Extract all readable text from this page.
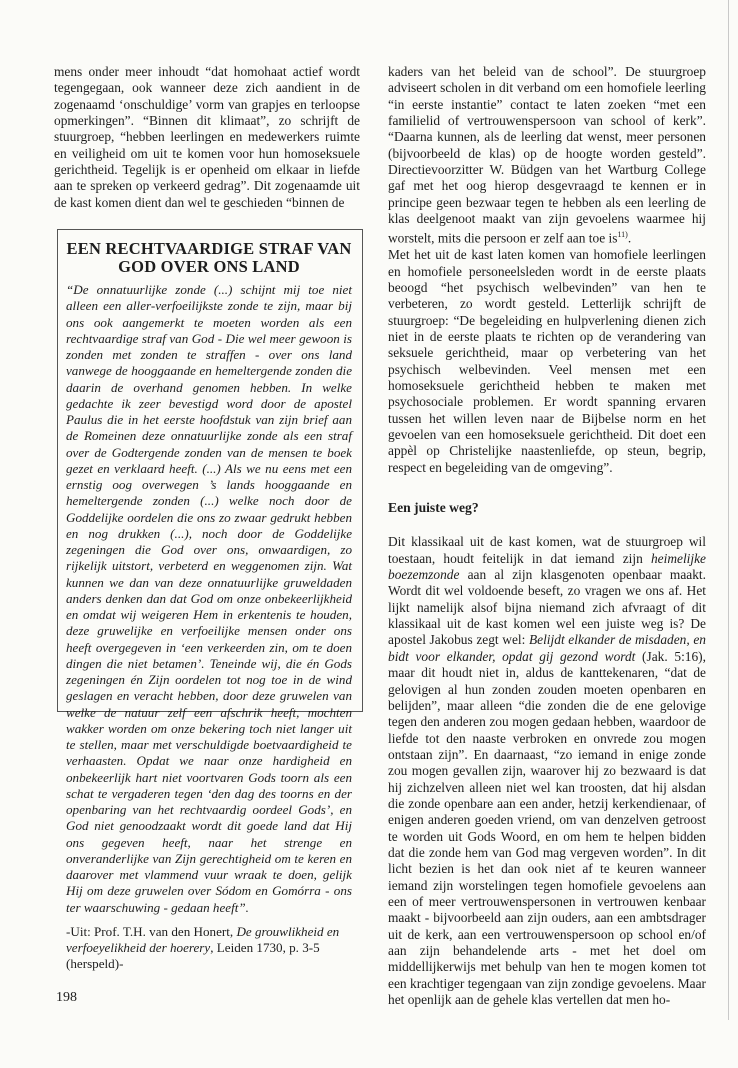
mens onder meer inhoudt “dat homohaat actief wordt tegengegaan, ook wanneer deze zich aandient in de zogenaamd ‘onschuldige’ vorm van grapjes en terloopse opmerkingen”. “Binnen dit klimaat”, zo schrijft de stuurgroep, “hebben leerlingen en medewerkers ruimte en veiligheid om uit te komen voor hun homoseksuele gerichtheid. Tegelijk is er openheid om elkaar in liefde aan te spreken op verkeerd gedrag”. Dit zogenaamde uit de kast komen dient dan wel te geschieden “binnen de

EEN RECHTVAARDIGE STRAF VAN GOD OVER ONS LAND

“De onnatuurlijke zonde (...) schijnt mij toe niet alleen een aller-verfoeilijkste zonde te zijn, maar bij ons ook aangemerkt te moeten worden als een rechtvaardige straf van God - Die wel meer gewoon is zonden met zonden te straffen - over ons land vanwege de hooggaande en hemeltergende zonden die daarin de overhand genomen hebben. In welke gedachte ik zeer bevestigd word door de apostel Paulus die in het eerste hoofdstuk van zijn brief aan de Romeinen deze onnatuurlijke zonde als een straf over de Godtergende zonden van de mensen te boek gezet en verklaard heeft. (...) Als we nu eens met een ernstig oog overwegen ’s lands hooggaande en hemeltergende zonden (...) welke noch door de Goddelijke oordelen die ons zo zwaar gedrukt hebben en nog drukken (...), noch door de Goddelijke zegeningen die God over ons, onwaardigen, zo rijkelijk uitstort, verbeterd en weggenomen zijn. Wat kunnen we dan van deze onnatuurlijke gruweldaden anders denken dan dat God om onze onbekeerlijkheid en omdat wij weigeren Hem in erkentenis te houden, deze gruwelijke en verfoeilijke mensen onder ons heeft overgegeven in ‘een verkeerden zin, om te doen dingen die niet betamen’. Teneinde wij, die én Gods zegeningen én Zijn oordelen tot nog toe in de wind geslagen en veracht hebben, door deze gruwelen van welke de natuur zelf een afschrik heeft, mochten wakker worden om onze bekering toch niet langer uit te stellen, maar met verschuldigde boetvaardigheid te verhaasten. Opdat we naar onze hardigheid en onbekeerlijk hart niet voortvaren Gods toorn als een schat te vergaderen tegen ‘den dag des toorns en der openbaring van het rechtvaardig oordeel Gods’, en God niet genoodzaakt wordt dit goede land dat Hij ons gegeven heeft, naar het strenge en onveranderlijke van Zijn gerechtigheid om te keren en daarover met vlammend vuur wraak te doen, gelijk Hij om deze gruwelen over Sódom en Gomórra - ons ter waarschuwing - gedaan heeft”.

-Uit: Prof. T.H. van den Honert, De grouwlikheid en verfoeyelikheid der hoerery, Leiden 1730, p. 3-5 (herspeld)-

kaders van het beleid van de school”. De stuurgroep adviseert scholen in dit verband om een homofiele leerling “in eerste instantie” contact te laten zoeken “met een familielid of vertrouwenspersoon van school of kerk”. “Daarna kunnen, als de leerling dat wenst, meer personen (bijvoorbeeld de klas) op de hoogte worden gesteld”. Directievoorzitter W. Büdgen van het Wartburg College gaf met het oog hierop desgevraagd te kennen er in principe geen bezwaar tegen te hebben als een leerling de klas deelgenoot maakt van zijn gevoelens waarmee hij worstelt, mits die persoon er zelf aan toe $is^{11)}$.

Met het uit de kast laten komen van homofiele leerlingen en homofiele personeelsleden wordt in de eerste plaats beoogd “het psychisch welbevinden” van hen te verbeteren, zo wordt gesteld. Letterlijk schrijft de stuurgroep: “De begeleiding en hulpverlening dienen zich niet in de eerste plaats te richten op de verandering van seksuele gerichtheid, maar op verbetering van het psychisch welbevinden. Veel mensen met een homoseksuele gerichtheid hebben te maken met psychosociale problemen. Er wordt spanning ervaren tussen het willen leven naar de Bijbelse norm en het gevoelen van een homoseksuele gerichtheid. Dit doet een appèl op Christelijke naastenliefde, op steun, begrip, respect en begeleiding van de omgeving”.

Een juiste weg?

Dit klassikaal uit de kast komen, wat de stuurgroep wil toestaan, houdt feitelijk in dat iemand zijn heimelijke boezemzonde aan al zijn klasgenoten openbaar maakt. Wordt dit wel voldoende beseft, zo vragen we ons af. Het lijkt namelijk alsof bijna niemand zich afvraagt of dit klassikaal uit de kast komen wel een juiste weg is? De apostel Jakobus zegt wel: Belijdt elkander de misdaden, en bidt voor elkander, opdat gij gezond wordt (Jak. 5:16), maar dit houdt niet in, aldus de kanttekenaren, “dat de gelovigen al hun zonden zouden moeten openbaren en belijden”, maar alleen “die zonden die de ene gelovige tegen den anderen zou mogen gedaan hebben, waardoor de liefde tot den naaste verbroken en onvrede zou mogen ontstaan zijn”. En daarnaast, “zo iemand in enige zonde zou mogen gevallen zijn, waarover hij zo bezwaard is dat hij zichzelven alleen niet wel kan troosten, dat hij alsdan die zonde openbare aan een ander, hetzij kerkendienaar, of enigen anderen goeden vriend, om van denzelven getroost te worden uit Gods Woord, en om hem te helpen bidden dat die zonde hem van God mag vergeven worden”. In dit licht bezien is het dan ook niet af te keuren wanneer iemand zijn worstelingen tegen homofiele gevoelens aan een of meer vertrouwenspersonen in vertrouwen kenbaar maakt - bijvoorbeeld aan zijn ouders, aan een ambtsdrager uit de kerk, aan een vertrouwenspersoon op school en/of aan zijn behandelende arts - met het doel om middellijkerwijs met behulp van hen te mogen komen tot een krachtiger tegengaan van zijn zondige gevoelens. Maar het openlijk aan de gehele klas vertellen dat men ho-

198
